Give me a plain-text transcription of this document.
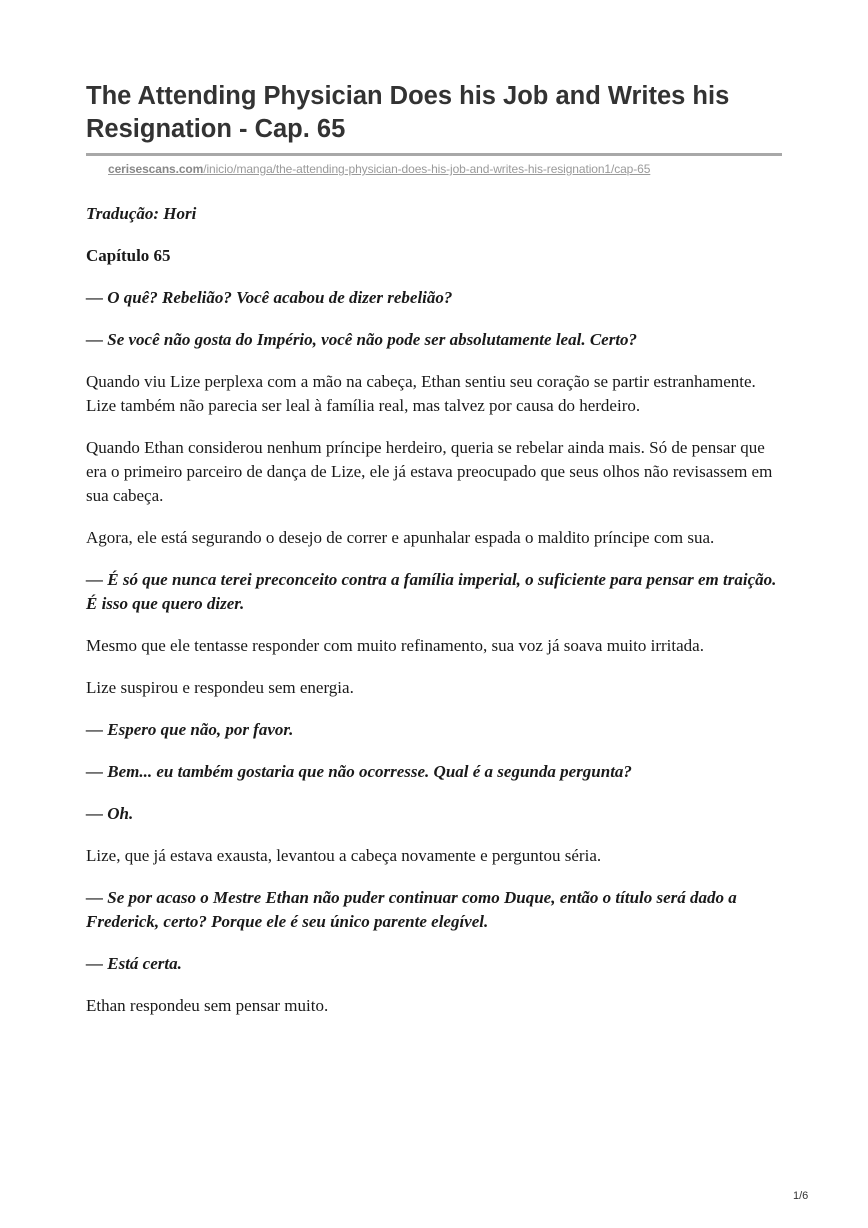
The Attending Physician Does his Job and Writes his Resignation - Cap. 65
cerisescans.com/inicio/manga/the-attending-physician-does-his-job-and-writes-his-resignation1/cap-65

Tradução: Hori

Capítulo 65

— O quê? Rebelião? Você acabou de dizer rebelião?

— Se você não gosta do Império, você não pode ser absolutamente leal. Certo?

Quando viu Lize perplexa com a mão na cabeça, Ethan sentiu seu coração se partir estranhamente. Lize também não parecia ser leal à família real, mas talvez por causa do herdeiro.

Quando Ethan considerou nenhum príncipe herdeiro, queria se rebelar ainda mais. Só de pensar que era o primeiro parceiro de dança de Lize, ele já estava preocupado que seus olhos não revisassem em sua cabeça.

Agora, ele está segurando o desejo de correr e apunhalar espada o maldito príncipe com sua.

— É só que nunca terei preconceito contra a família imperial, o suficiente para pensar em traição. É isso que quero dizer.

Mesmo que ele tentasse responder com muito refinamento, sua voz já soava muito irritada.

Lize suspirou e respondeu sem energia.

— Espero que não, por favor.

— Bem... eu também gostaria que não ocorresse. Qual é a segunda pergunta?

— Oh.

Lize, que já estava exausta, levantou a cabeça novamente e perguntou séria.

— Se por acaso o Mestre Ethan não puder continuar como Duque, então o título será dado a Frederick, certo? Porque ele é seu único parente elegível.

— Está certa.

Ethan respondeu sem pensar muito.

1/6
